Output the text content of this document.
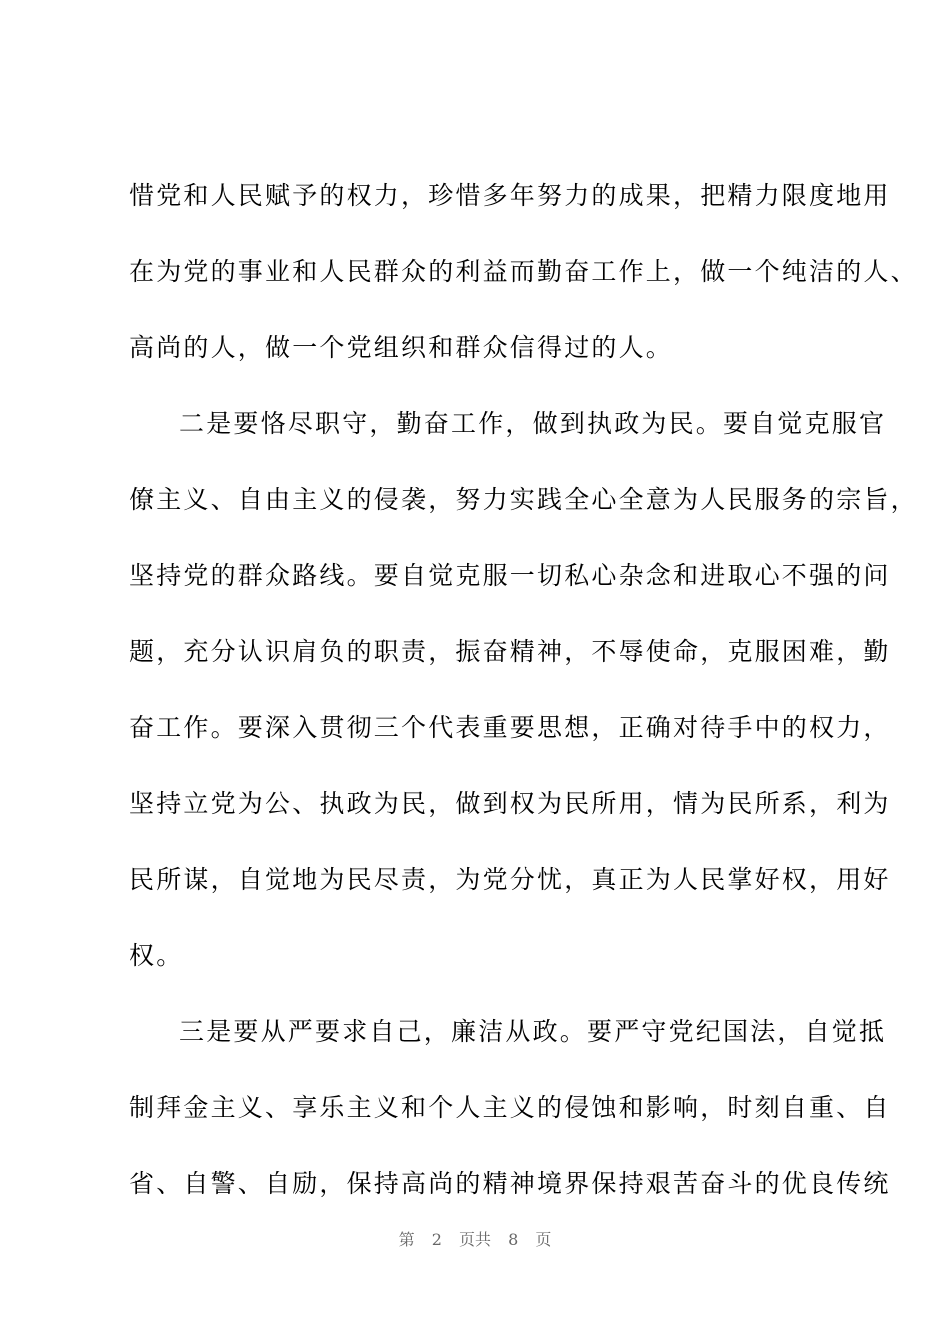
惜党和人民赋予的权力，珍惜多年努力的成果，把精力限度地用
在为党的事业和人民群众的利益而勤奋工作上，做一个纯洁的人、
高尚的人，做一个党组织和群众信得过的人。
二是要恪尽职守，勤奋工作，做到执政为民。要自觉克服官
僚主义、自由主义的侵袭，努力实践全心全意为人民服务的宗旨，
坚持党的群众路线。要自觉克服一切私心杂念和进取心不强的问
题，充分认识肩负的职责，振奋精神，不辱使命，克服困难，勤
奋工作。要深入贯彻三个代表重要思想，正确对待手中的权力，
坚持立党为公、执政为民，做到权为民所用，情为民所系，利为
民所谋，自觉地为民尽责，为党分忧，真正为人民掌好权，用好
权。
三是要从严要求自己，廉洁从政。要严守党纪国法，自觉抵
制拜金主义、享乐主义和个人主义的侵蚀和影响，时刻自重、自
省、自警、自励，保持高尚的精神境界保持艰苦奋斗的优良传统
第 2 页共 8 页
